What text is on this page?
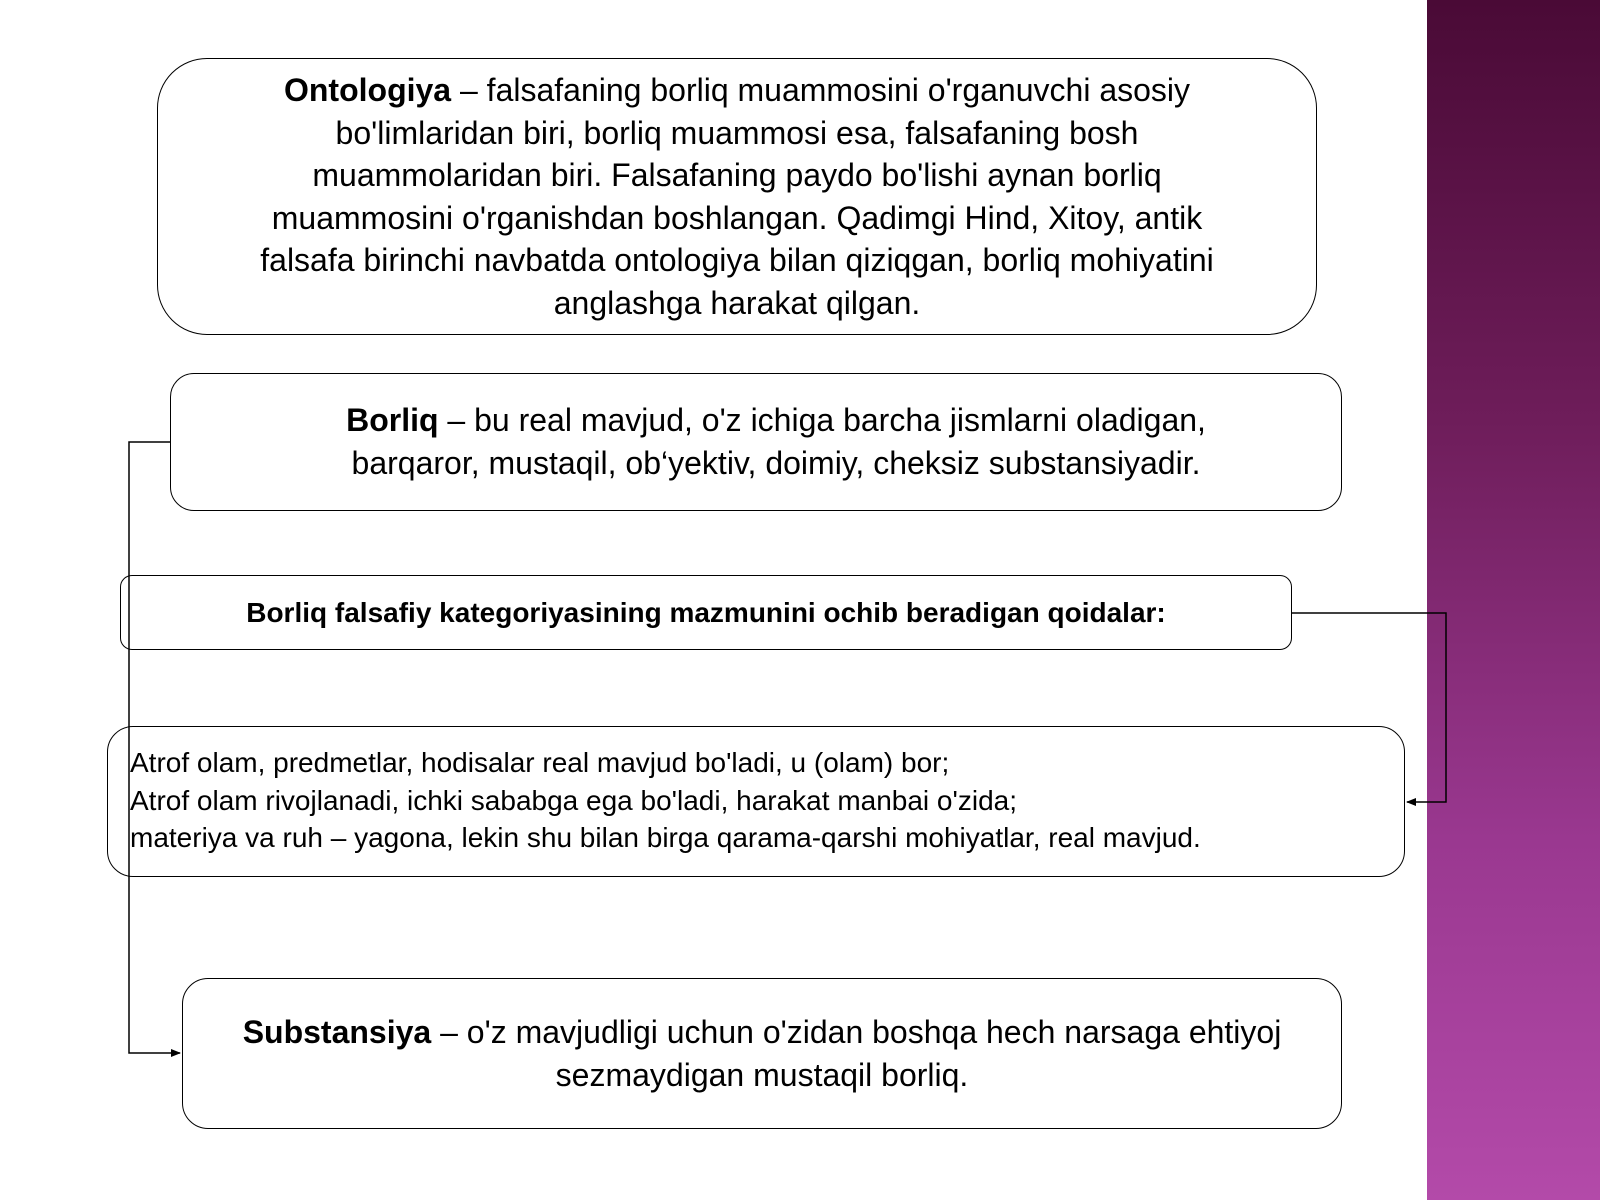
Ontologiya – falsafaning borliq muammosini o'rganuvchi asosiy bo'limlaridan biri, borliq muammosi esa, falsafaning bosh muammolaridan biri. Falsafaning paydo bo'lishi aynan borliq muammosini o'rganishdan boshlangan. Qadimgi Hind, Xitoy, antik falsafa birinchi navbatda ontologiya bilan qiziqgan, borliq mohiyatini anglashga harakat qilgan.

Borliq – bu real mavjud, o'z ichiga barcha jismlarni oladigan, barqaror, mustaqil, ob‘yektiv, doimiy, cheksiz substansiyadir.

Borliq falsafiy kategoriyasining mazmunini ochib beradigan qoidalar:

Atrof olam, predmetlar, hodisalar real mavjud bo'ladi, u (olam) bor;
Atrof olam rivojlanadi, ichki sababga ega bo'ladi, harakat manbai o'zida;
materiya va ruh – yagona, lekin shu bilan birga qarama-qarshi mohiyatlar, real mavjud.

Substansiya – o'z mavjudligi uchun o'zidan boshqa hech narsaga ehtiyoj sezmaydigan mustaqil borliq.
